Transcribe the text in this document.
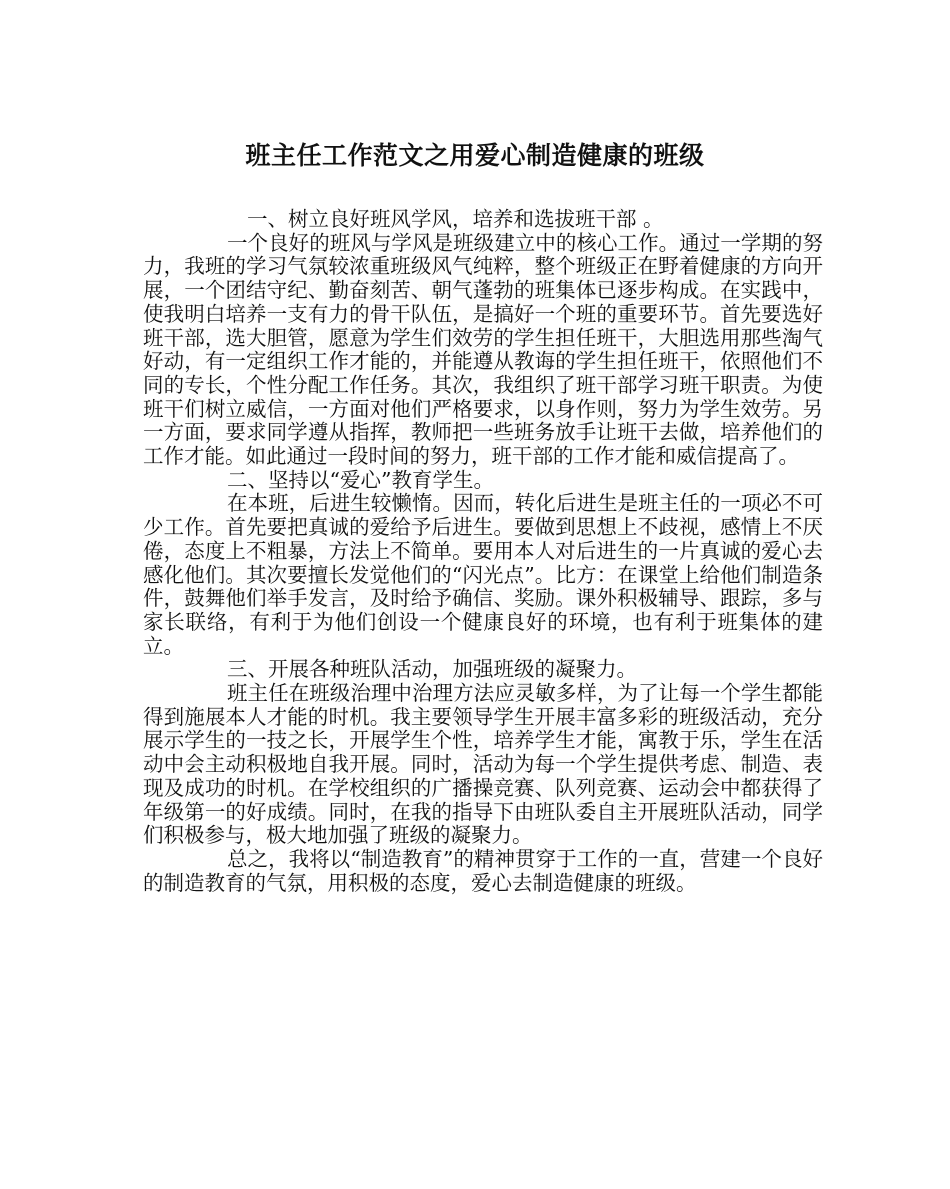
班主任工作范文之用爱心制造健康的班级

一、树立良好班风学风，培养和选拔班干部 。

一个良好的班风与学风是班级建立中的核心工作。通过一学期的努力，我班的学习气氛较浓重班级风气纯粹，整个班级正在野着健康的方向开展，一个团结守纪、勤奋刻苦、朝气蓬勃的班集体已逐步构成。在实践中，使我明白培养一支有力的骨干队伍，是搞好一个班的重要环节。首先要选好班干部，选大胆管，愿意为学生们效劳的学生担任班干，大胆选用那些淘气好动，有一定组织工作才能的，并能遵从教诲的学生担任班干，依照他们不同的专长，个性分配工作任务。其次，我组织了班干部学习班干职责。为使班干们树立威信，一方面对他们严格要求，以身作则，努力为学生效劳。另一方面，要求同学遵从指挥，教师把一些班务放手让班干去做，培养他们的工作才能。如此通过一段时间的努力，班干部的工作才能和威信提高了。

二、坚持以“爱心”教育学生。

在本班，后进生较懒惰。因而，转化后进生是班主任的一项必不可少工作。首先要把真诚的爱给予后进生。要做到思想上不歧视，感情上不厌倦，态度上不粗暴，方法上不简单。要用本人对后进生的一片真诚的爱心去感化他们。其次要擅长发觉他们的“闪光点”。比方：在课堂上给他们制造条件，鼓舞他们举手发言，及时给予确信、奖励。课外积极辅导、跟踪，多与家长联络，有利于为他们创设一个健康良好的环境，也有利于班集体的建立。

三、开展各种班队活动，加强班级的凝聚力。

班主任在班级治理中治理方法应灵敏多样，为了让每一个学生都能得到施展本人才能的时机。我主要领导学生开展丰富多彩的班级活动，充分展示学生的一技之长，开展学生个性，培养学生才能，寓教于乐，学生在活动中会主动积极地自我开展。同时，活动为每一个学生提供考虑、制造、表现及成功的时机。在学校组织的广播操竞赛、队列竞赛、运动会中都获得了年级第一的好成绩。同时，在我的指导下由班队委自主开展班队活动，同学们积极参与，极大地加强了班级的凝聚力。

总之，我将以“制造教育”的精神贯穿于工作的一直，营建一个良好的制造教育的气氛，用积极的态度，爱心去制造健康的班级。
